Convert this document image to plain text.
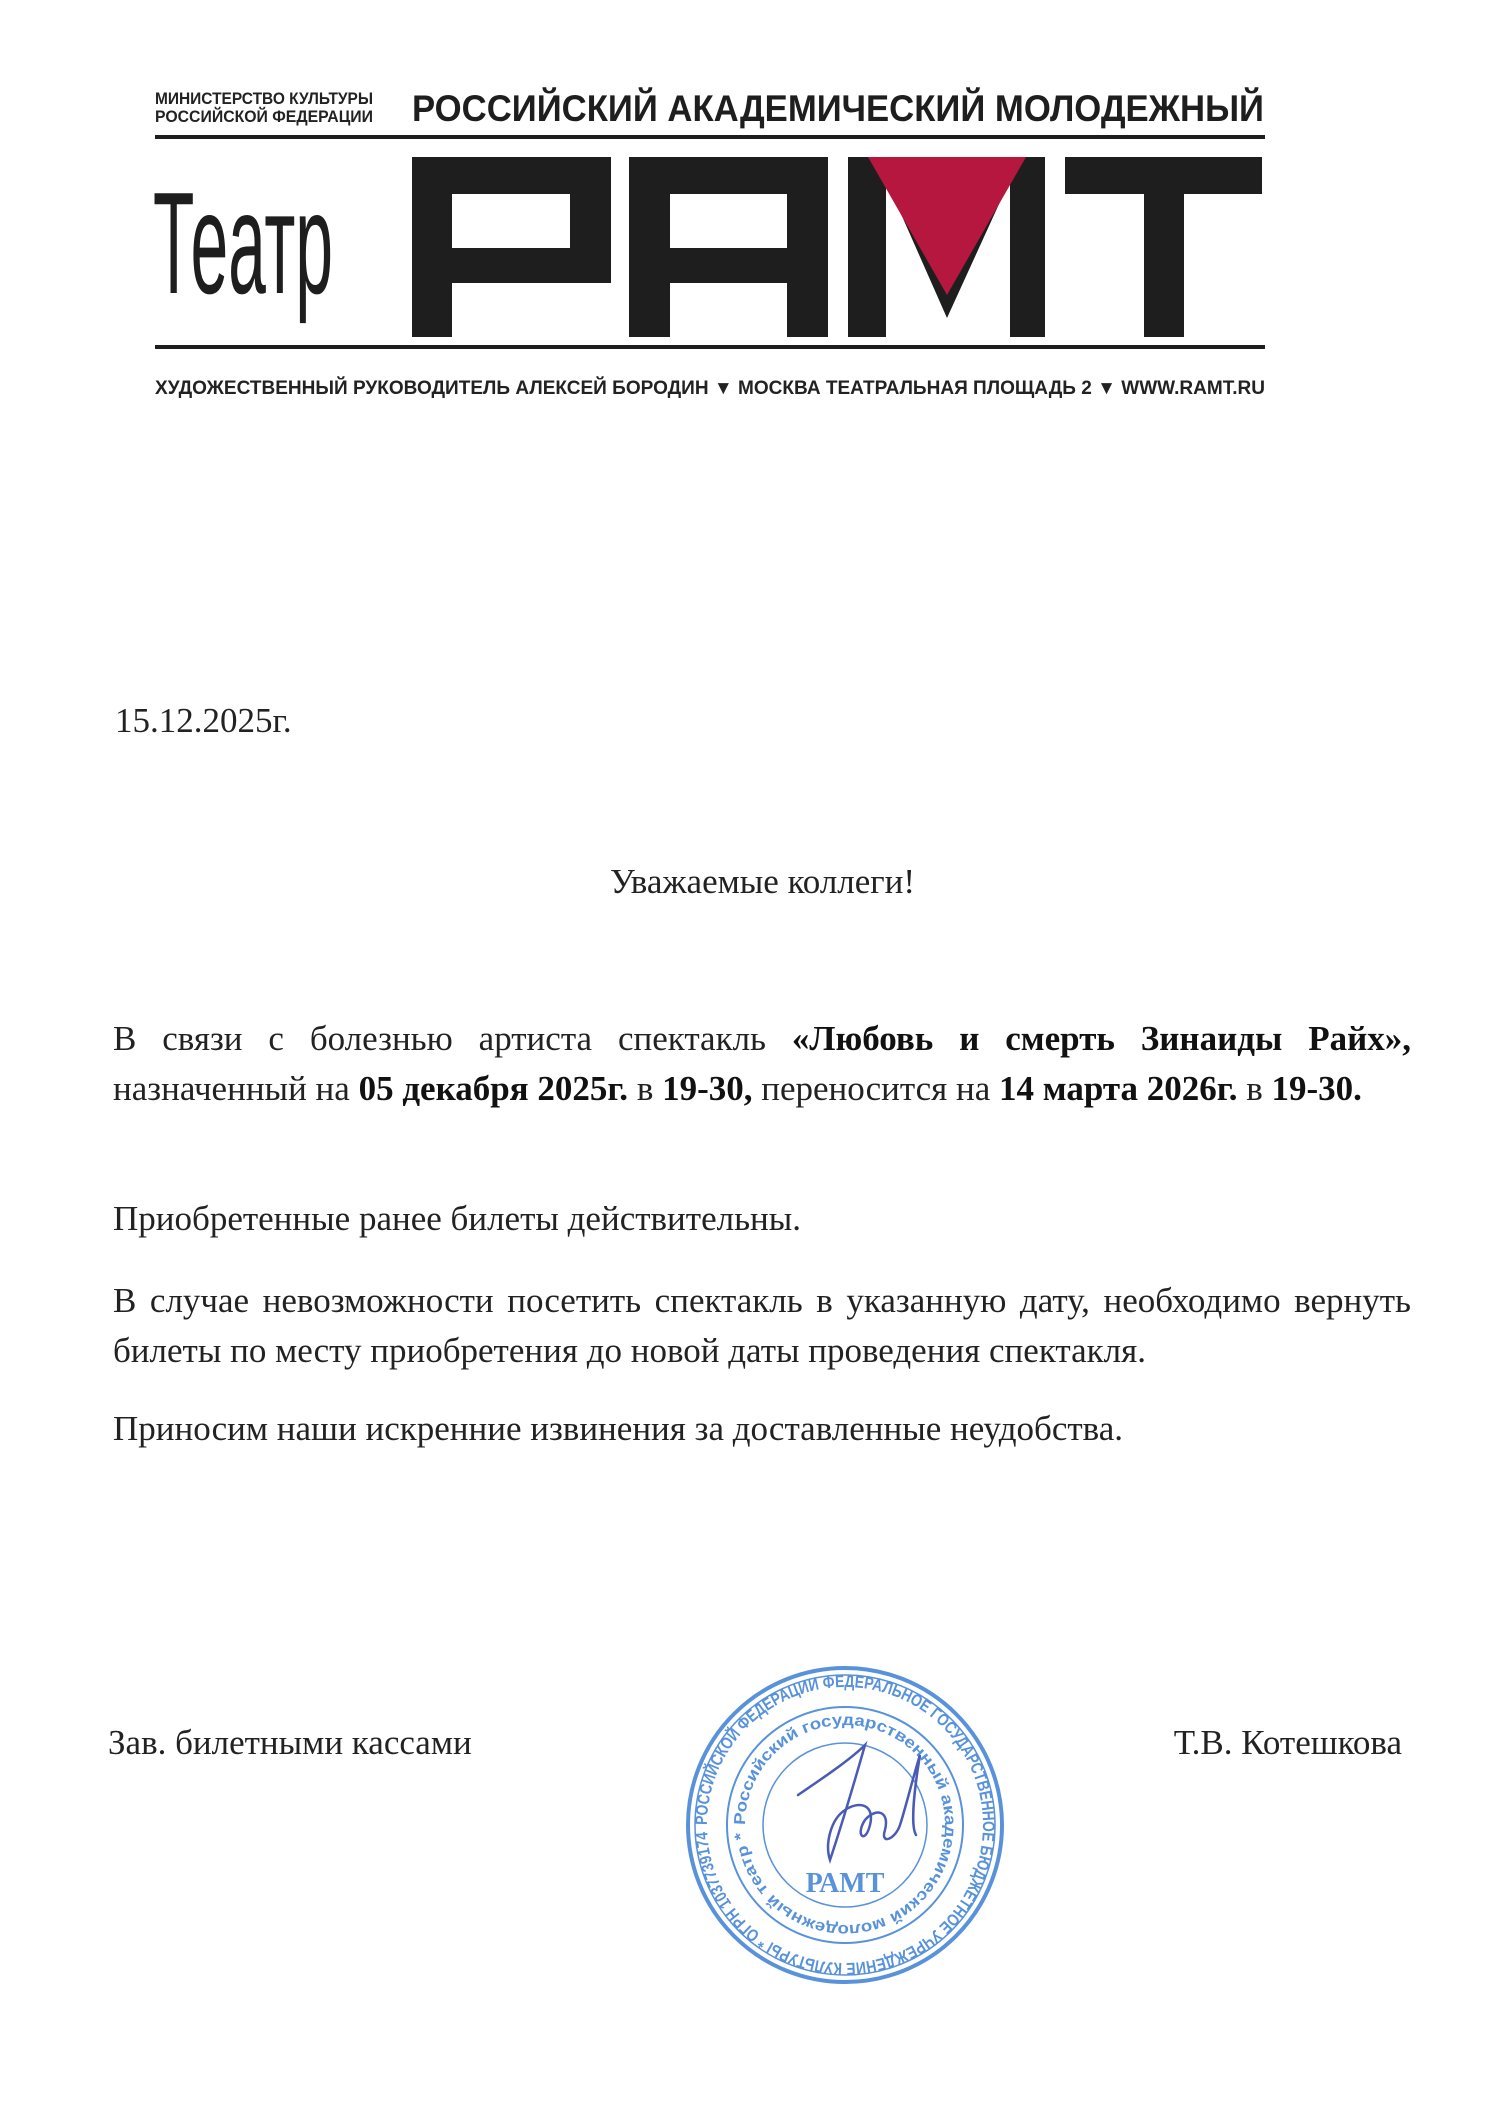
МИНИСТЕРСТВО КУЛЬТУРЫ
РОССИЙСКОЙ ФЕДЕРАЦИИ РОССИЙСКИЙ АКАДЕМИЧЕСКИЙ МОЛОДЕЖНЫЙ
Театр
ХУДОЖЕСТВЕННЫЙ РУКОВОДИТЕЛЬ АЛЕКСЕЙ БОРОДИН ▼ МОСКВА ТЕАТРАЛЬНАЯ ПЛОЩАДЬ 2 ▼ WWW.RAMT.RU
15.12.2025г.
Уважаемые коллеги!
В связи с болезнью артиста спектакль «Любовь и смерть Зинаиды Райх», назначенный на 05 декабря 2025г. в 19-30, переносится на 14 марта 2026г. в 19-30.
Приобретенные ранее билеты действительны.
В случае невозможности посетить спектакль в указанную дату, необходимо вернуть билеты по месту приобретения до новой даты проведения спектакля.
Приносим наши искренние извинения за доставленные неудобства.
Зав. билетными кассами	Т.В. Котешкова
РОССИЙСКОЙ ФЕДЕРАЦИИ ФЕДЕРАЛЬНОЕ ГОСУДАРСТВЕННОЕ БЮДЖЕТНОЕ УЧРЕЖДЕНИЕ КУЛЬТУРЫ * ОГРН 1037739174
Российский государственный академический молодежный театр *
РАМТ
